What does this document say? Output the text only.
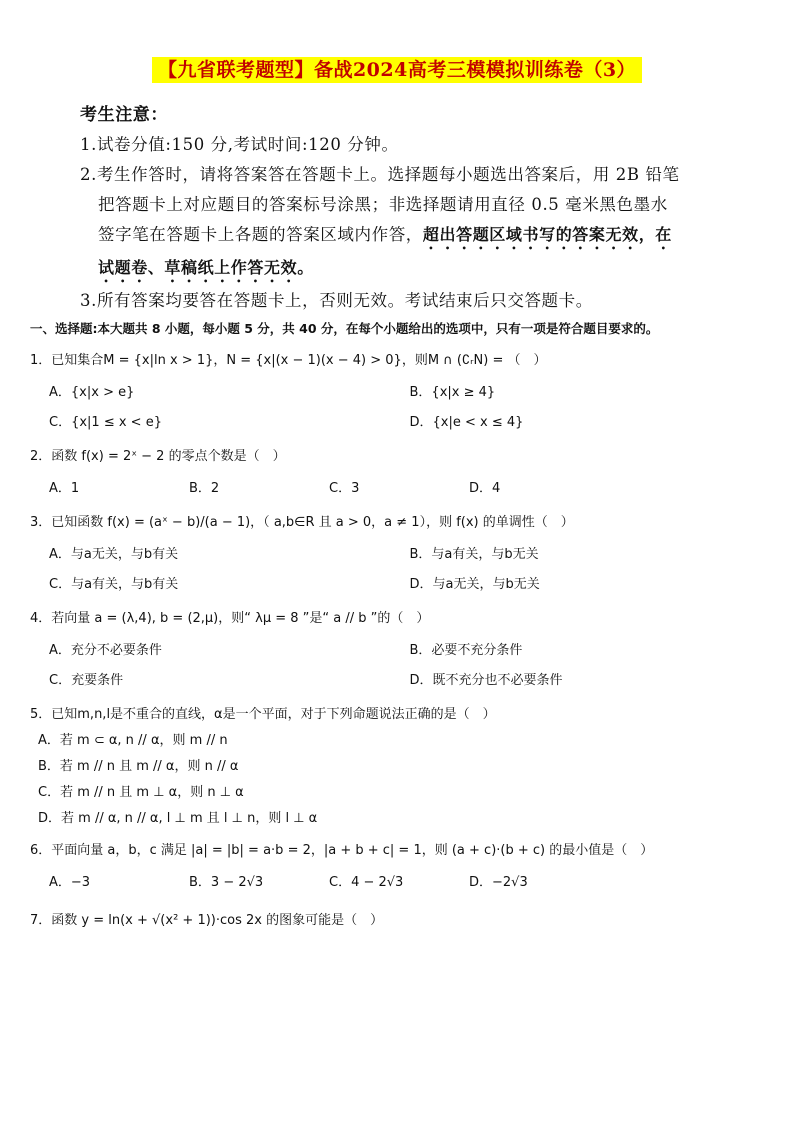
【九省联考题型】备战2024高考三模模拟训练卷（3）
考生注意：
1.试卷分值:150 分,考试时间:120 分钟。
2.考生作答时，请将答案答在答题卡上。选择题每小题选出答案后，用 2B 铅笔
把答题卡上对应题目的答案标号涂黑；非选择题请用直径 0.5 毫米黑色墨水
签字笔在答题卡上各题的答案区域内作答，超出答题区域书写的答案无效，在
试题卷、草稿纸上作答无效。
3.所有答案均要答在答题卡上，否则无效。考试结束后只交答题卡。
一、选择题:本大题共 8 小题，每小题 5 分，共 40 分，在每个小题给出的选项中，只有一项是符合题目要求的。
1．已知集合M = {x|ln x > 1}，N = {x|(x − 1)(x − 4) > 0}，则M ∩ (∁ᵣN) = （　）
A．{x|x > e}	B．{x|x ≥ 4}
C．{x|1 ≤ x < e}	D．{x|e < x ≤ 4}
2．函数 f(x) = 2ˣ − 2 的零点个数是（　）
A．1	B．2	C．3	D．4
3．已知函数 f(x) = (aˣ − b)/(a − 1)，（ a,b∈R 且 a > 0，a ≠ 1），则 f(x) 的单调性（　）
A．与a无关，与b有关	B．与a有关，与b无关
C．与a有关，与b有关	D．与a无关，与b无关
4．若向量 a = (λ,4), b = (2,μ)，则“ λμ = 8 ”是“ a // b ”的（　）
A．充分不必要条件	B．必要不充分条件
C．充要条件	D．既不充分也不必要条件
5．已知m,n,l是不重合的直线，α是一个平面，对于下列命题说法正确的是（　）
A．若 m ⊂ α, n // α，则 m // n
B．若 m // n 且 m // α，则 n // α
C．若 m // n 且 m ⊥ α，则 n ⊥ α
D．若 m // α, n // α, l ⊥ m 且 l ⊥ n，则 l ⊥ α
6．平面向量 a，b，c 满足 |a| = |b| = a·b = 2，|a + b + c| = 1，则 (a + c)·(b + c) 的最小值是（　）
A．−3	B．3 − 2√3	C．4 − 2√3	D．−2√3
7．函数 y = ln(x + √(x² + 1))·cos 2x 的图象可能是（　）
